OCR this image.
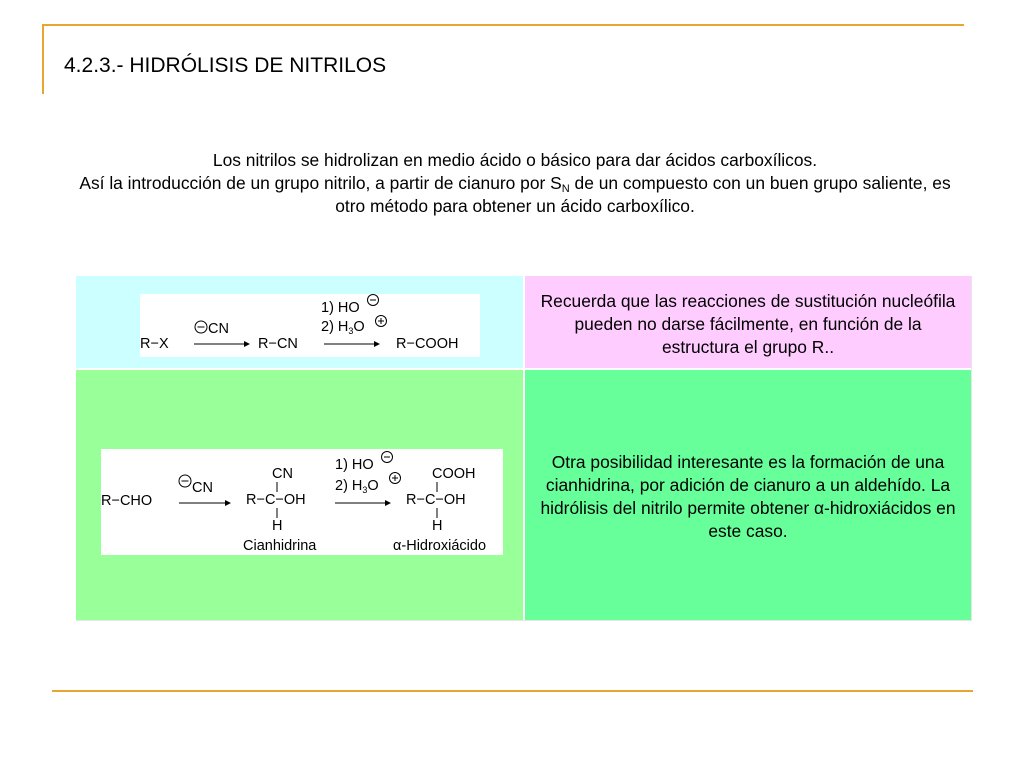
4.2.3.- HIDRÓLISIS DE NITRILOS
Los nitrilos se hidrolizan en medio ácido o básico para dar ácidos carboxílicos.
Así la introducción de un grupo nitrilo, a partir de cianuro por $S_N$ de un compuesto con un buen grupo saliente, es otro método para obtener un ácido carboxílico.
Recuerda que las reacciones de sustitución nucleófila pueden no darse fácilmente, en función de la estructura el grupo R..
Otra posibilidad interesante es la formación de una cianhidrina, por adición de cianuro a un aldehído. La hidrólisis del nitrilo permite obtener α-hidroxiácidos en este caso.
R−X
CN
R−CN
1) HO
2) $H_3O$
R−COOH
R−CHO
CN
CN
R−C−OH
H
Cianhidrina
1) HO
2) $H_3O$
COOH
R−C−OH
H
α-Hidroxiácido
